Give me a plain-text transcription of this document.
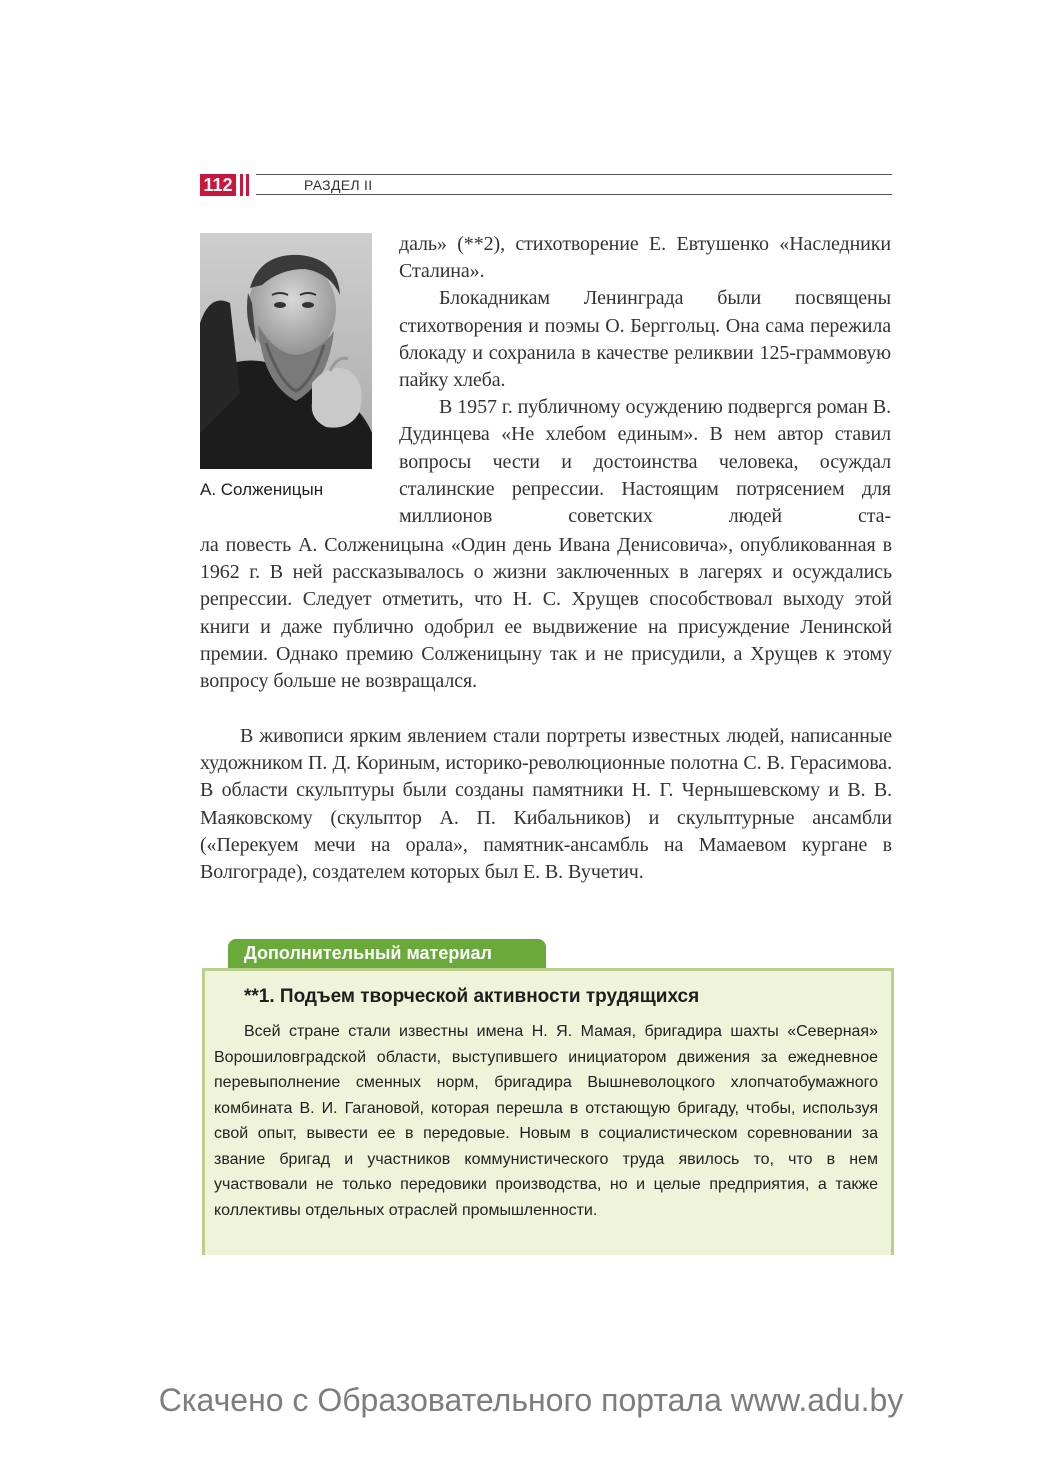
112	РАЗДЕЛ II
А. Солженицын

даль» (**2), стихотворение Е. Евтушенко «Наследники Сталина».

Блокадникам Ленинграда были посвящены стихотворения и поэмы О. Берггольц. Она сама пережила блокаду и сохранила в качестве реликвии 125-граммовую пайку хлеба.

В 1957 г. публичному осуждению подвергся роман В. Дудинцева «Не хлебом единым». В нем автор ставил вопросы чести и достоинства человека, осуждал сталинские репрессии. Настоящим потрясением для миллионов советских людей ста-

ла повесть А. Солженицына «Один день Ивана Денисовича», опубликованная в 1962 г. В ней рассказывалось о жизни заключенных в лагерях и осуждались репрессии. Следует отметить, что Н. С. Хрущев способствовал выходу этой книги и даже публично одобрил ее выдвижение на присуждение Ленинской премии. Однако премию Солженицыну так и не присудили, а Хрущев к этому вопросу больше не возвращался.

В живописи ярким явлением стали портреты известных людей, написанные художником П. Д. Кориным, историко-революционные полотна С. В. Герасимова. В области скульптуры были созданы памятники Н. Г. Чернышевскому и В. В. Маяковскому (скульптор А. П. Кибальников) и скульптурные ансамбли («Перекуем мечи на орала», памятник-ансамбль на Мамаевом кургане в Волгограде), создателем которых был Е. В. Вучетич.

Дополнительный материал
**1. Подъем творческой активности трудящихся

Всей стране стали известны имена Н. Я. Мамая, бригадира шахты «Северная» Ворошиловградской области, выступившего инициатором движения за ежедневное перевыполнение сменных норм, бригадира Вышневолоцкого хлопчатобумажного комбината В. И. Гагановой, которая перешла в отстающую бригаду, чтобы, используя свой опыт, вывести ее в передовые. Новым в социалистическом соревновании за звание бригад и участников коммунистического труда явилось то, что в нем участвовали не только передовики производства, но и целые предприятия, а также коллективы отдельных отраслей промышленности.

Скачено с Образовательного портала www.adu.by
